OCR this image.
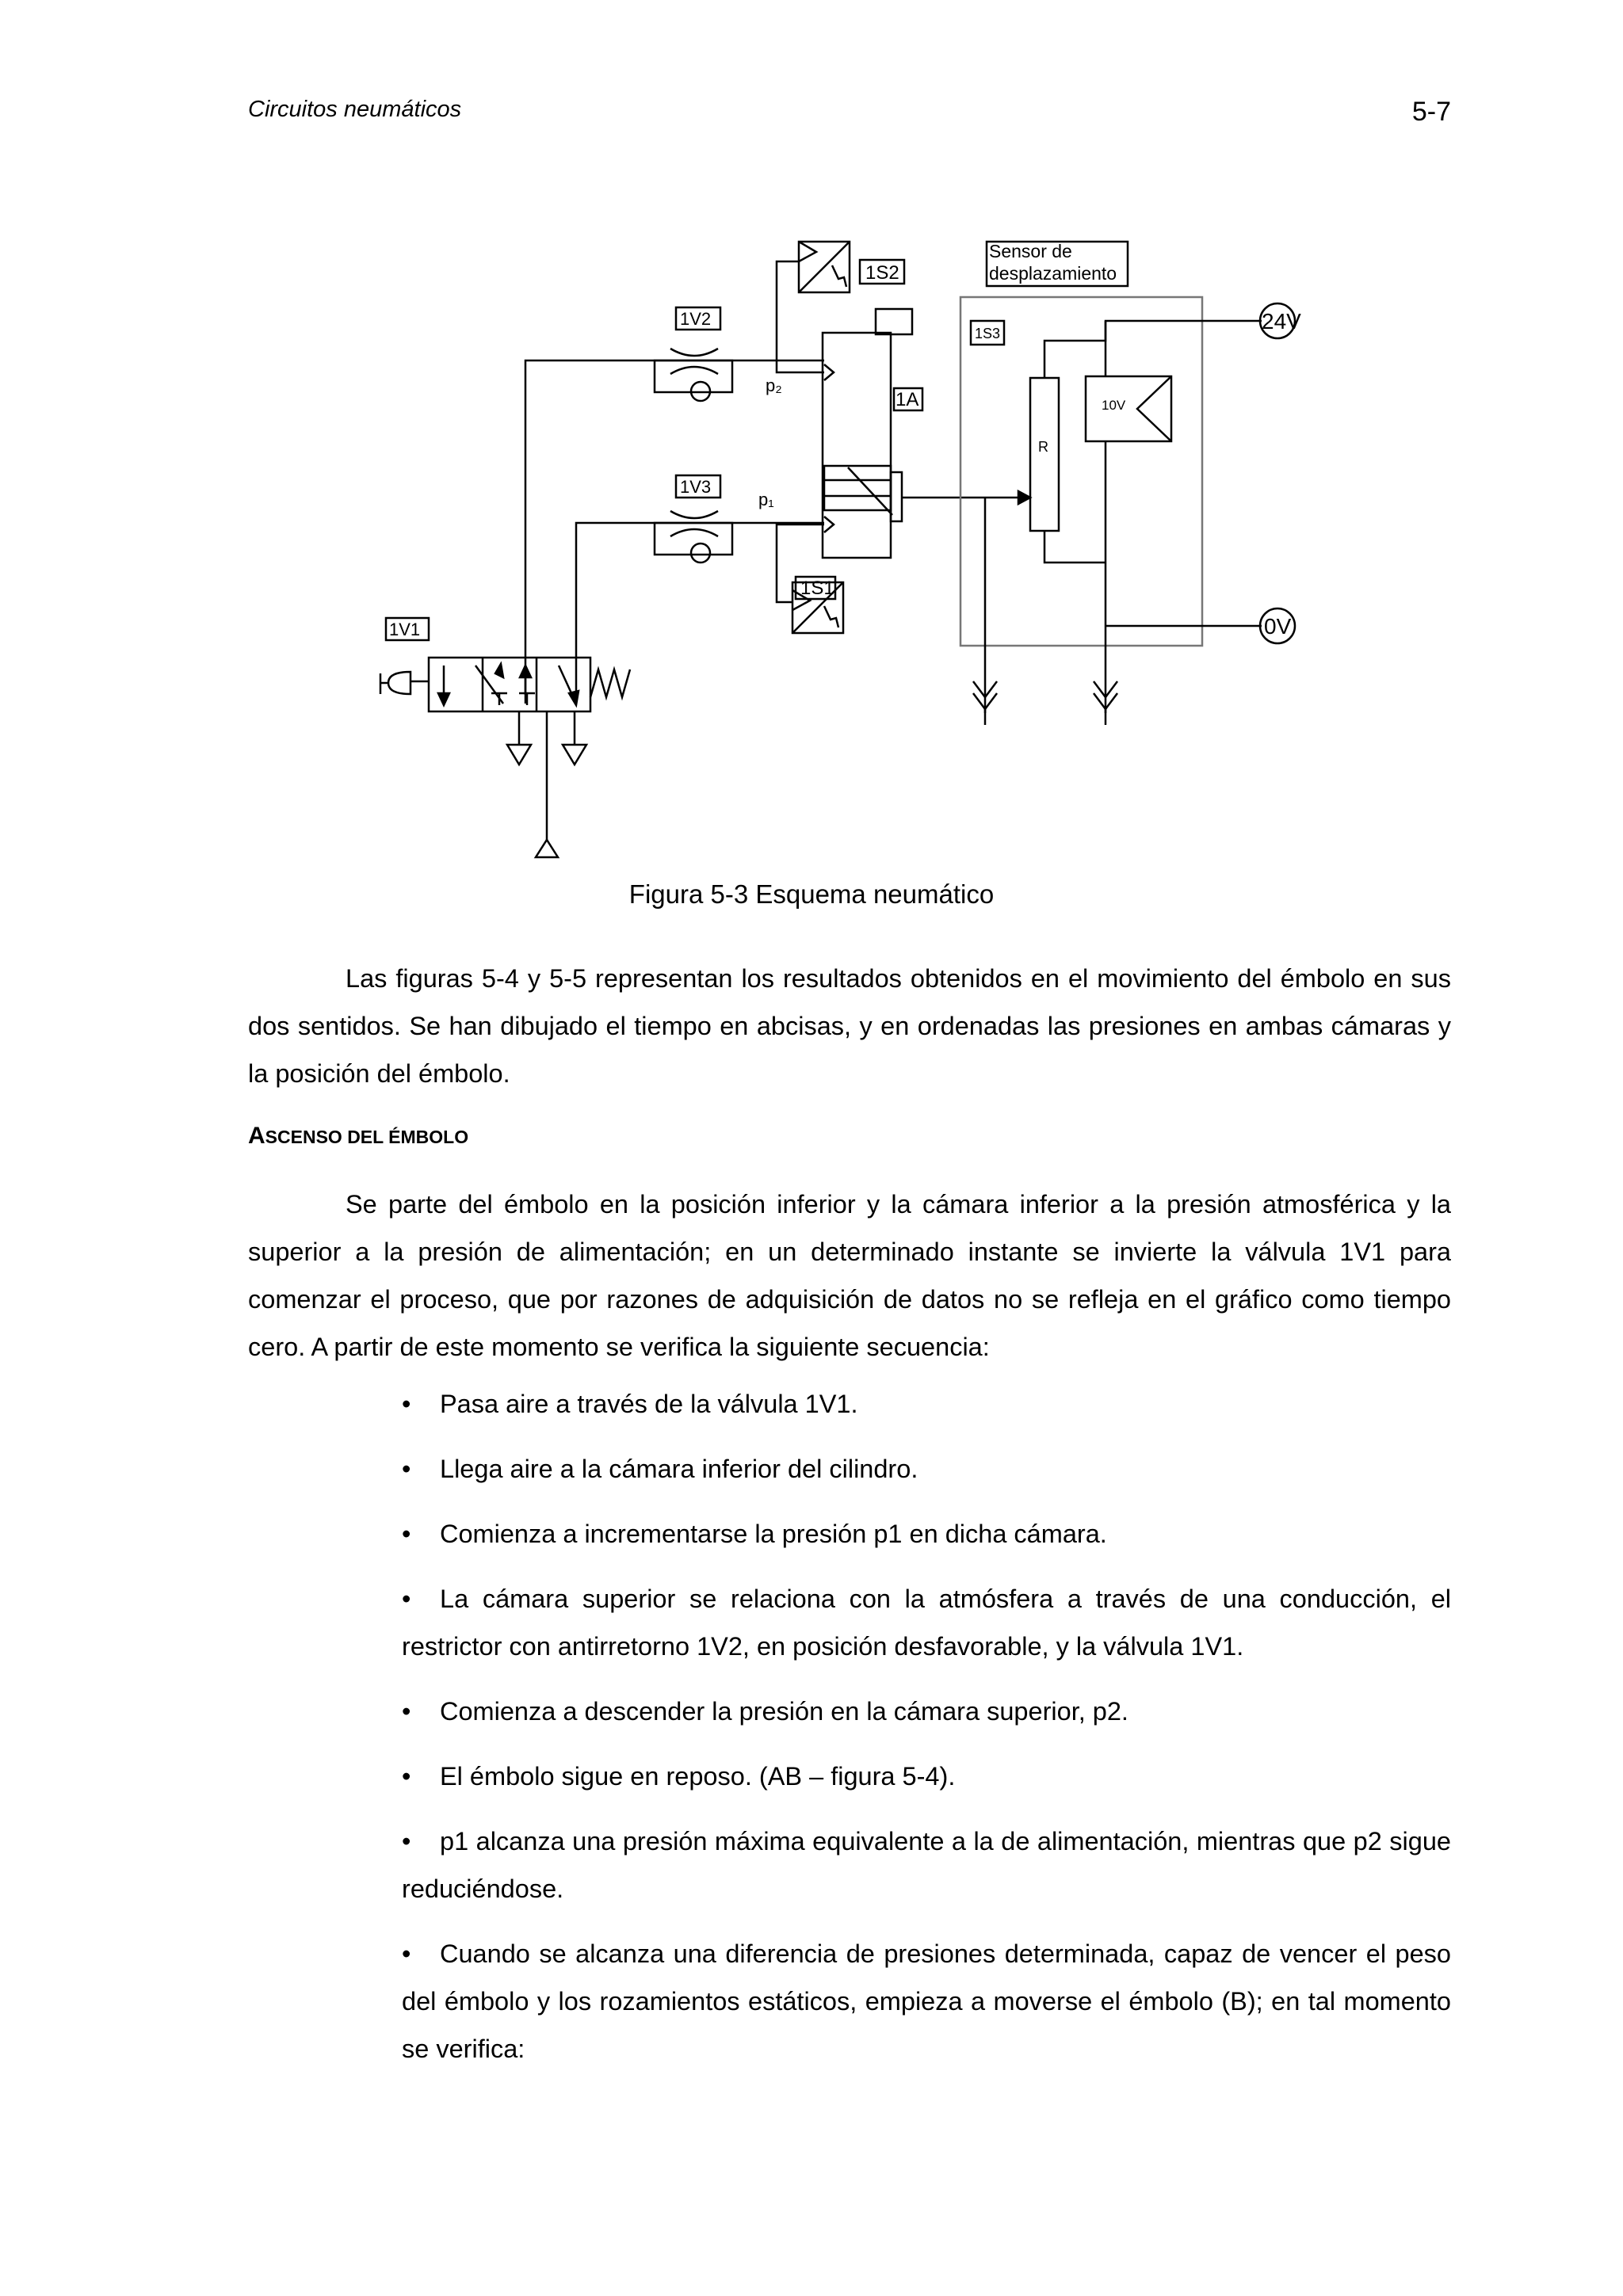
Circuitos neumáticos	5-7
1S2
1S1
1A
1V2
1V3
1V1
p₂
p₁
Sensor de
desplazamiento
1S3	24V
0V
10V
R
Figura 5-3 Esquema neumático
Las figuras 5-4 y 5-5 representan los resultados obtenidos en el movimiento del émbolo en sus dos sentidos. Se han dibujado el tiempo en abcisas, y en ordenadas las presiones en ambas cámaras y la posición del émbolo.
ASCENSO DEL ÉMBOLO
Se parte del émbolo en la posición inferior y la cámara inferior a la presión atmosférica y la superior a la presión de alimentación; en un determinado instante se invierte la válvula 1V1 para comenzar el proceso, que por razones de adquisición de datos no se refleja en el gráfico como tiempo cero. A partir de este momento se verifica la siguiente secuencia:
• Pasa aire a través de la válvula 1V1.
• Llega aire a la cámara inferior del cilindro.
• Comienza a incrementarse la presión p1 en dicha cámara.
• La cámara superior se relaciona con la atmósfera a través de una conducción, el restrictor con antirretorno 1V2, en posición desfavorable, y la válvula 1V1.
• Comienza a descender la presión en la cámara superior, p2.
• El émbolo sigue en reposo. (AB – figura 5-4).
• p1 alcanza una presión máxima equivalente a la de alimentación, mientras que p2 sigue reduciéndose.
• Cuando se alcanza una diferencia de presiones determinada, capaz de vencer el peso del émbolo y los rozamientos estáticos, empieza a moverse el émbolo (B); en tal momento se verifica:
